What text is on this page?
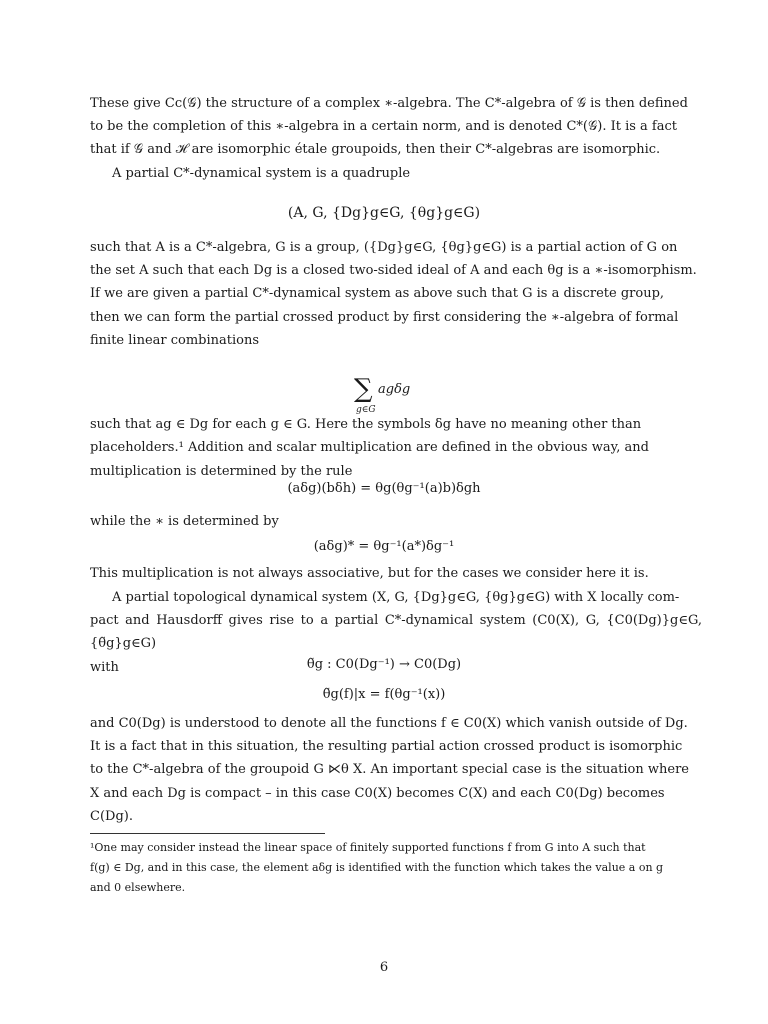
These give Cc(𝒢) the structure of a complex ∗-algebra. The C*-algebra of 𝒢 is then defined
to be the completion of this ∗-algebra in a certain norm, and is denoted C*(𝒢). It is a fact
that if 𝒢 and ℋ are isomorphic étale groupoids, then their C*-algebras are isomorphic.
A partial C*-dynamical system is a quadruple
(A, G, {Dg}g∈G, {θg}g∈G)
such that A is a C*-algebra, G is a group, ({Dg}g∈G, {θg}g∈G) is a partial action of G on
the set A such that each Dg is a closed two-sided ideal of A and each θg is a ∗-isomorphism.
If we are given a partial C*-dynamical system as above such that G is a discrete group,
then we can form the partial crossed product by first considering the ∗-algebra of formal
finite linear combinations
∑
g∈G
agδg

such that ag ∈ Dg for each g ∈ G. Here the symbols δg have no meaning other than
placeholders.¹ Addition and scalar multiplication are defined in the obvious way, and
multiplication is determined by the rule

(aδg)(bδh) = θg(θg⁻¹(a)b)δgh
while the ∗ is determined by
(aδg)* = θg⁻¹(a*)δg⁻¹
This multiplication is not always associative, but for the cases we consider here it is.
A partial topological dynamical system (X, G, {Dg}g∈G, {θg}g∈G) with X locally com-
pact and Hausdorff gives rise to a partial C*-dynamical system (C0(X), G, {C0(Dg)}g∈G, {θ̃g}g∈G)
with	θ̃g : C0(Dg⁻¹) → C0(Dg)
θ̃g(f)|x = f(θg⁻¹(x))
and C0(Dg) is understood to denote all the functions f ∈ C0(X) which vanish outside of Dg.
It is a fact that in this situation, the resulting partial action crossed product is isomorphic
to the C*-algebra of the groupoid G ⋉θ X. An important special case is the situation where
X and each Dg is compact – in this case C0(X) becomes C(X) and each C0(Dg) becomes
C(Dg).
¹One may consider instead the linear space of finitely supported functions f from G into A such that
f(g) ∈ Dg, and in this case, the element aδg is identified with the function which takes the value a on g
and 0 elsewhere.
6
